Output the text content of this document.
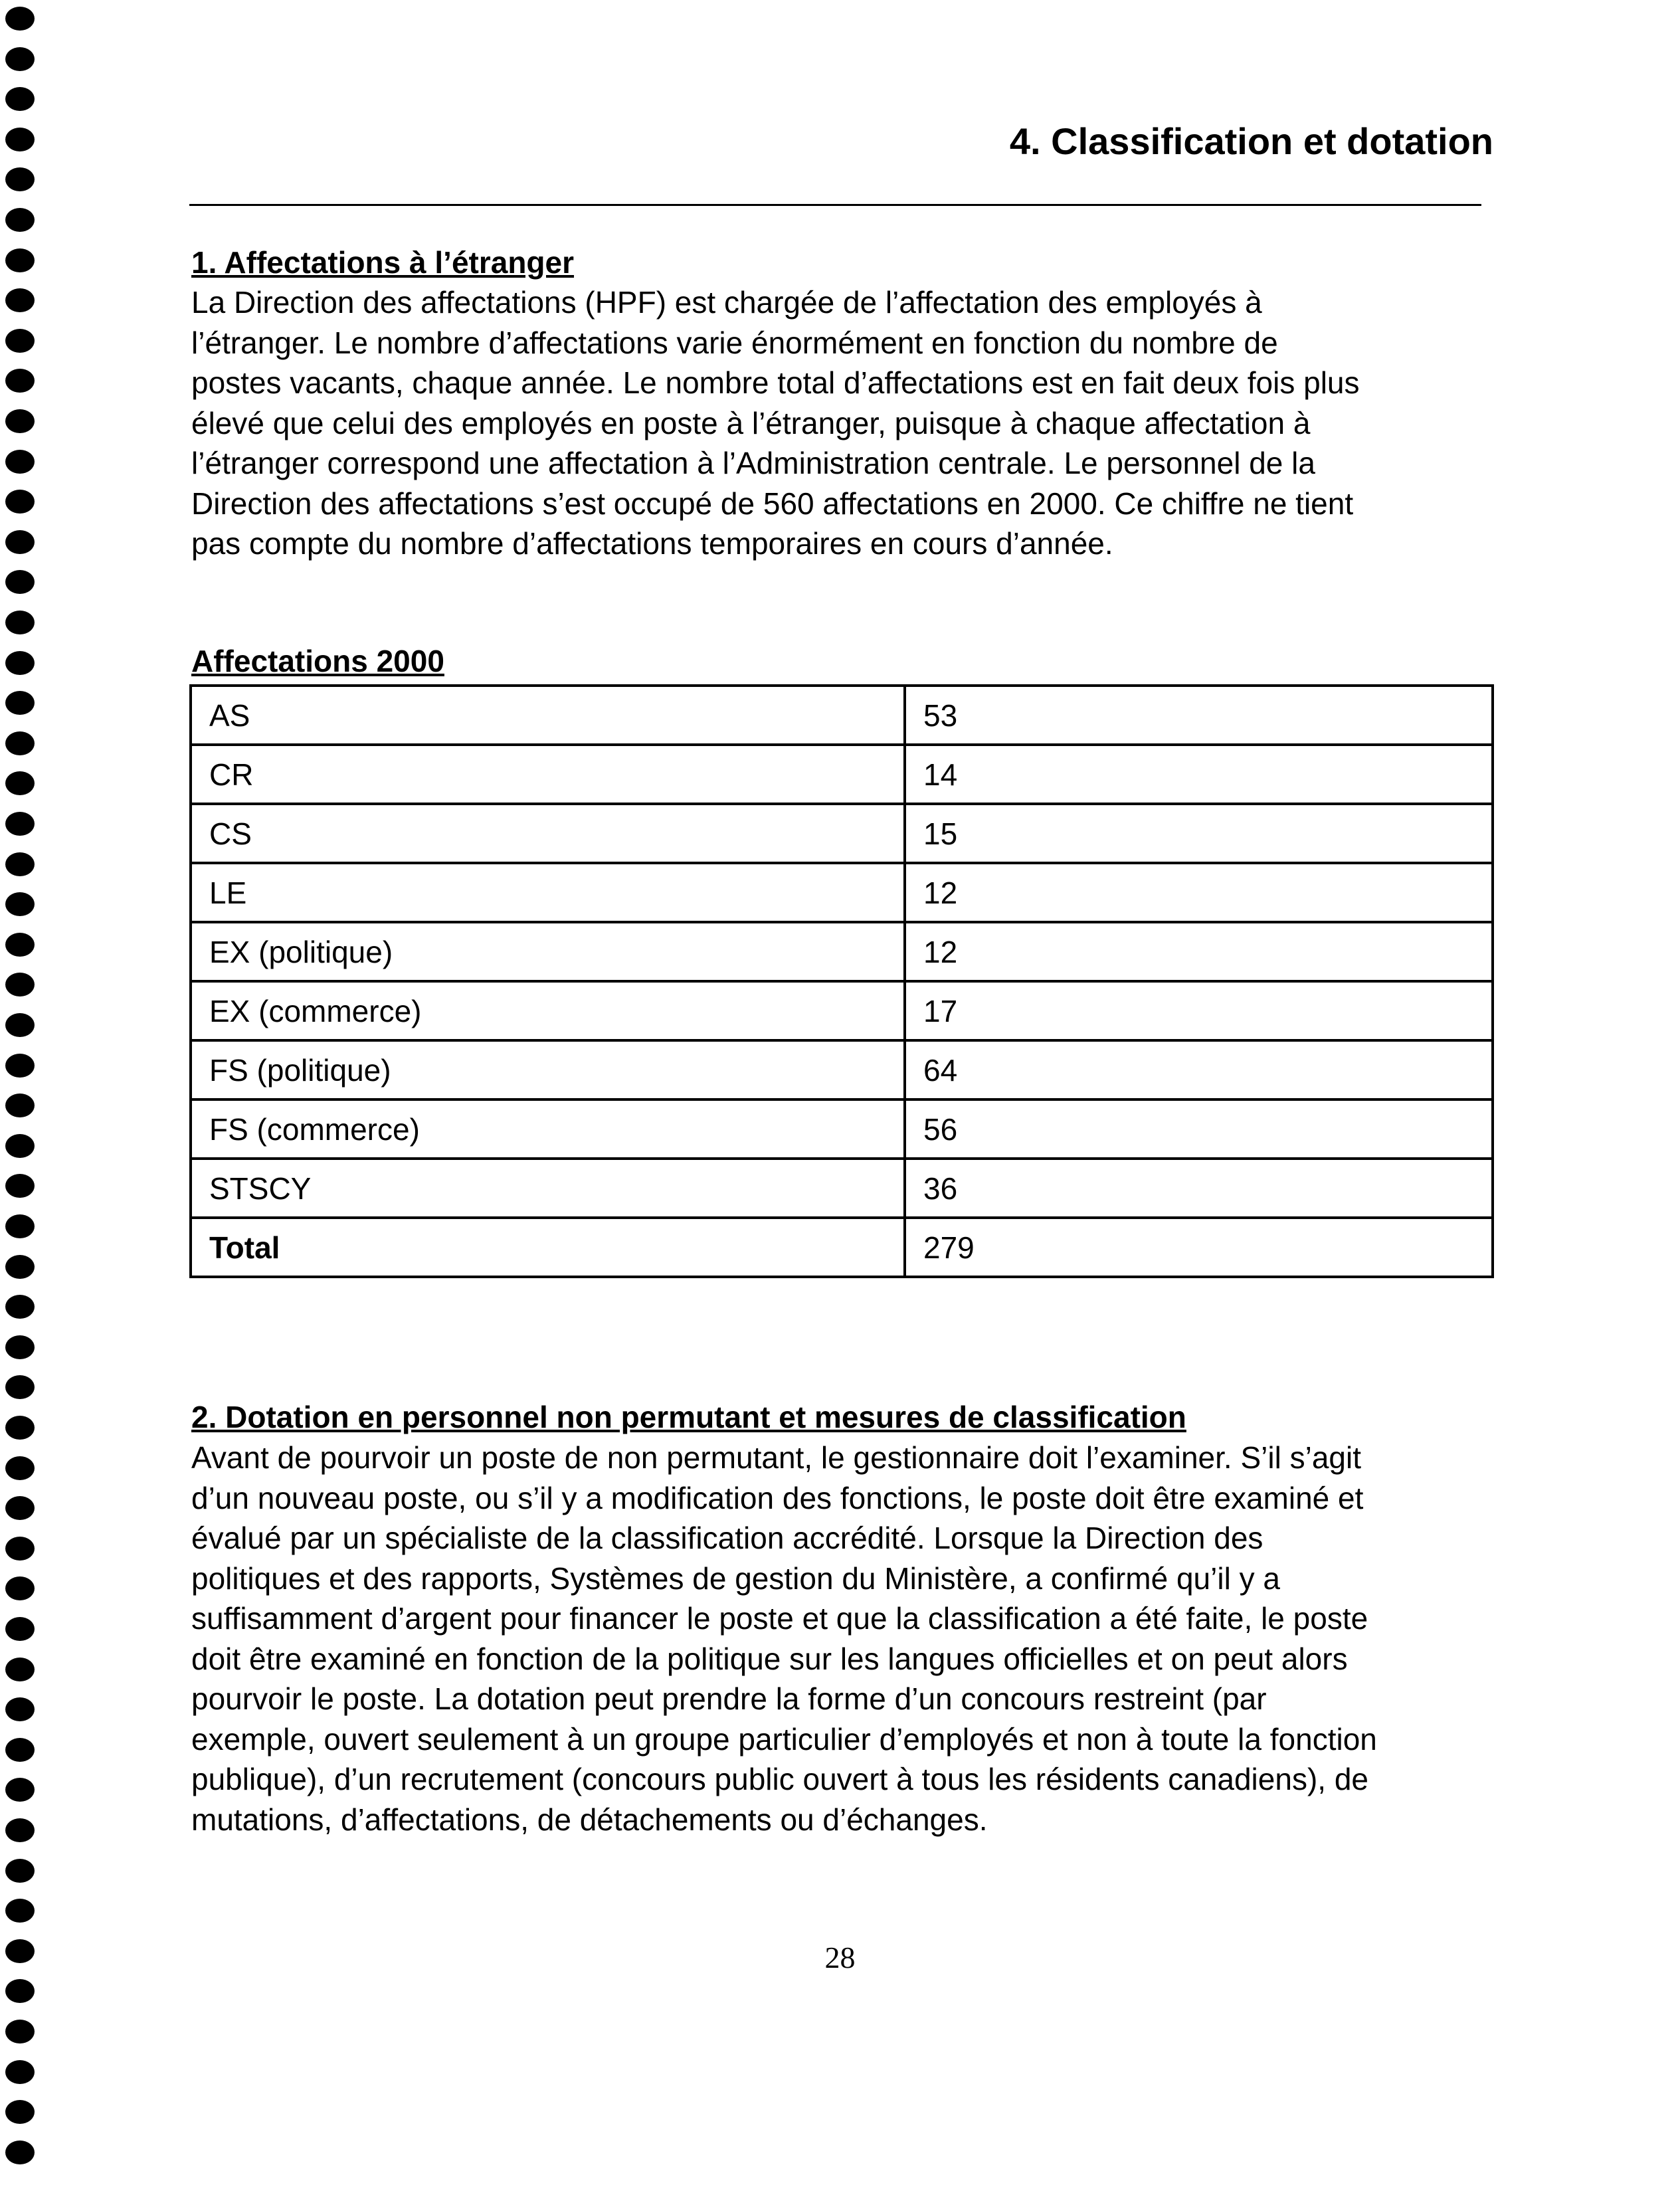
4. Classification et dotation
1. Affectations à l’étranger

La Direction des affectations (HPF) est chargée de l’affectation des employés à
l’étranger. Le nombre d’affectations varie énormément en fonction du nombre de
postes vacants, chaque année. Le nombre total d’affectations est en fait deux fois plus
élevé que celui des employés en poste à l’étranger, puisque à chaque affectation à
l’étranger correspond une affectation à l’Administration centrale. Le personnel de la
Direction des affectations s’est occupé de 560 affectations en 2000. Ce chiffre ne tient
pas compte du nombre d’affectations temporaires en cours d’année.

Affectations 2000
AS	53
CR	14
CS	15
LE	12
EX (politique)	12
EX (commerce)	17
FS (politique)	64
FS (commerce)	56
STSCY	36
Total	279
2. Dotation en personnel non permutant et mesures de classification

Avant de pourvoir un poste de non permutant, le gestionnaire doit l’examiner. S’il s’agit
d’un nouveau poste, ou s’il y a modification des fonctions, le poste doit être examiné et
évalué par un spécialiste de la classification accrédité. Lorsque la Direction des
politiques et des rapports, Systèmes de gestion du Ministère, a confirmé qu’il y a
suffisamment d’argent pour financer le poste et que la classification a été faite, le poste
doit être examiné en fonction de la politique sur les langues officielles et on peut alors
pourvoir le poste. La dotation peut prendre la forme d’un concours restreint (par
exemple, ouvert seulement à un groupe particulier d’employés et non à toute la fonction
publique), d’un recrutement (concours public ouvert à tous les résidents canadiens), de
mutations, d’affectations, de détachements ou d’échanges.

28
